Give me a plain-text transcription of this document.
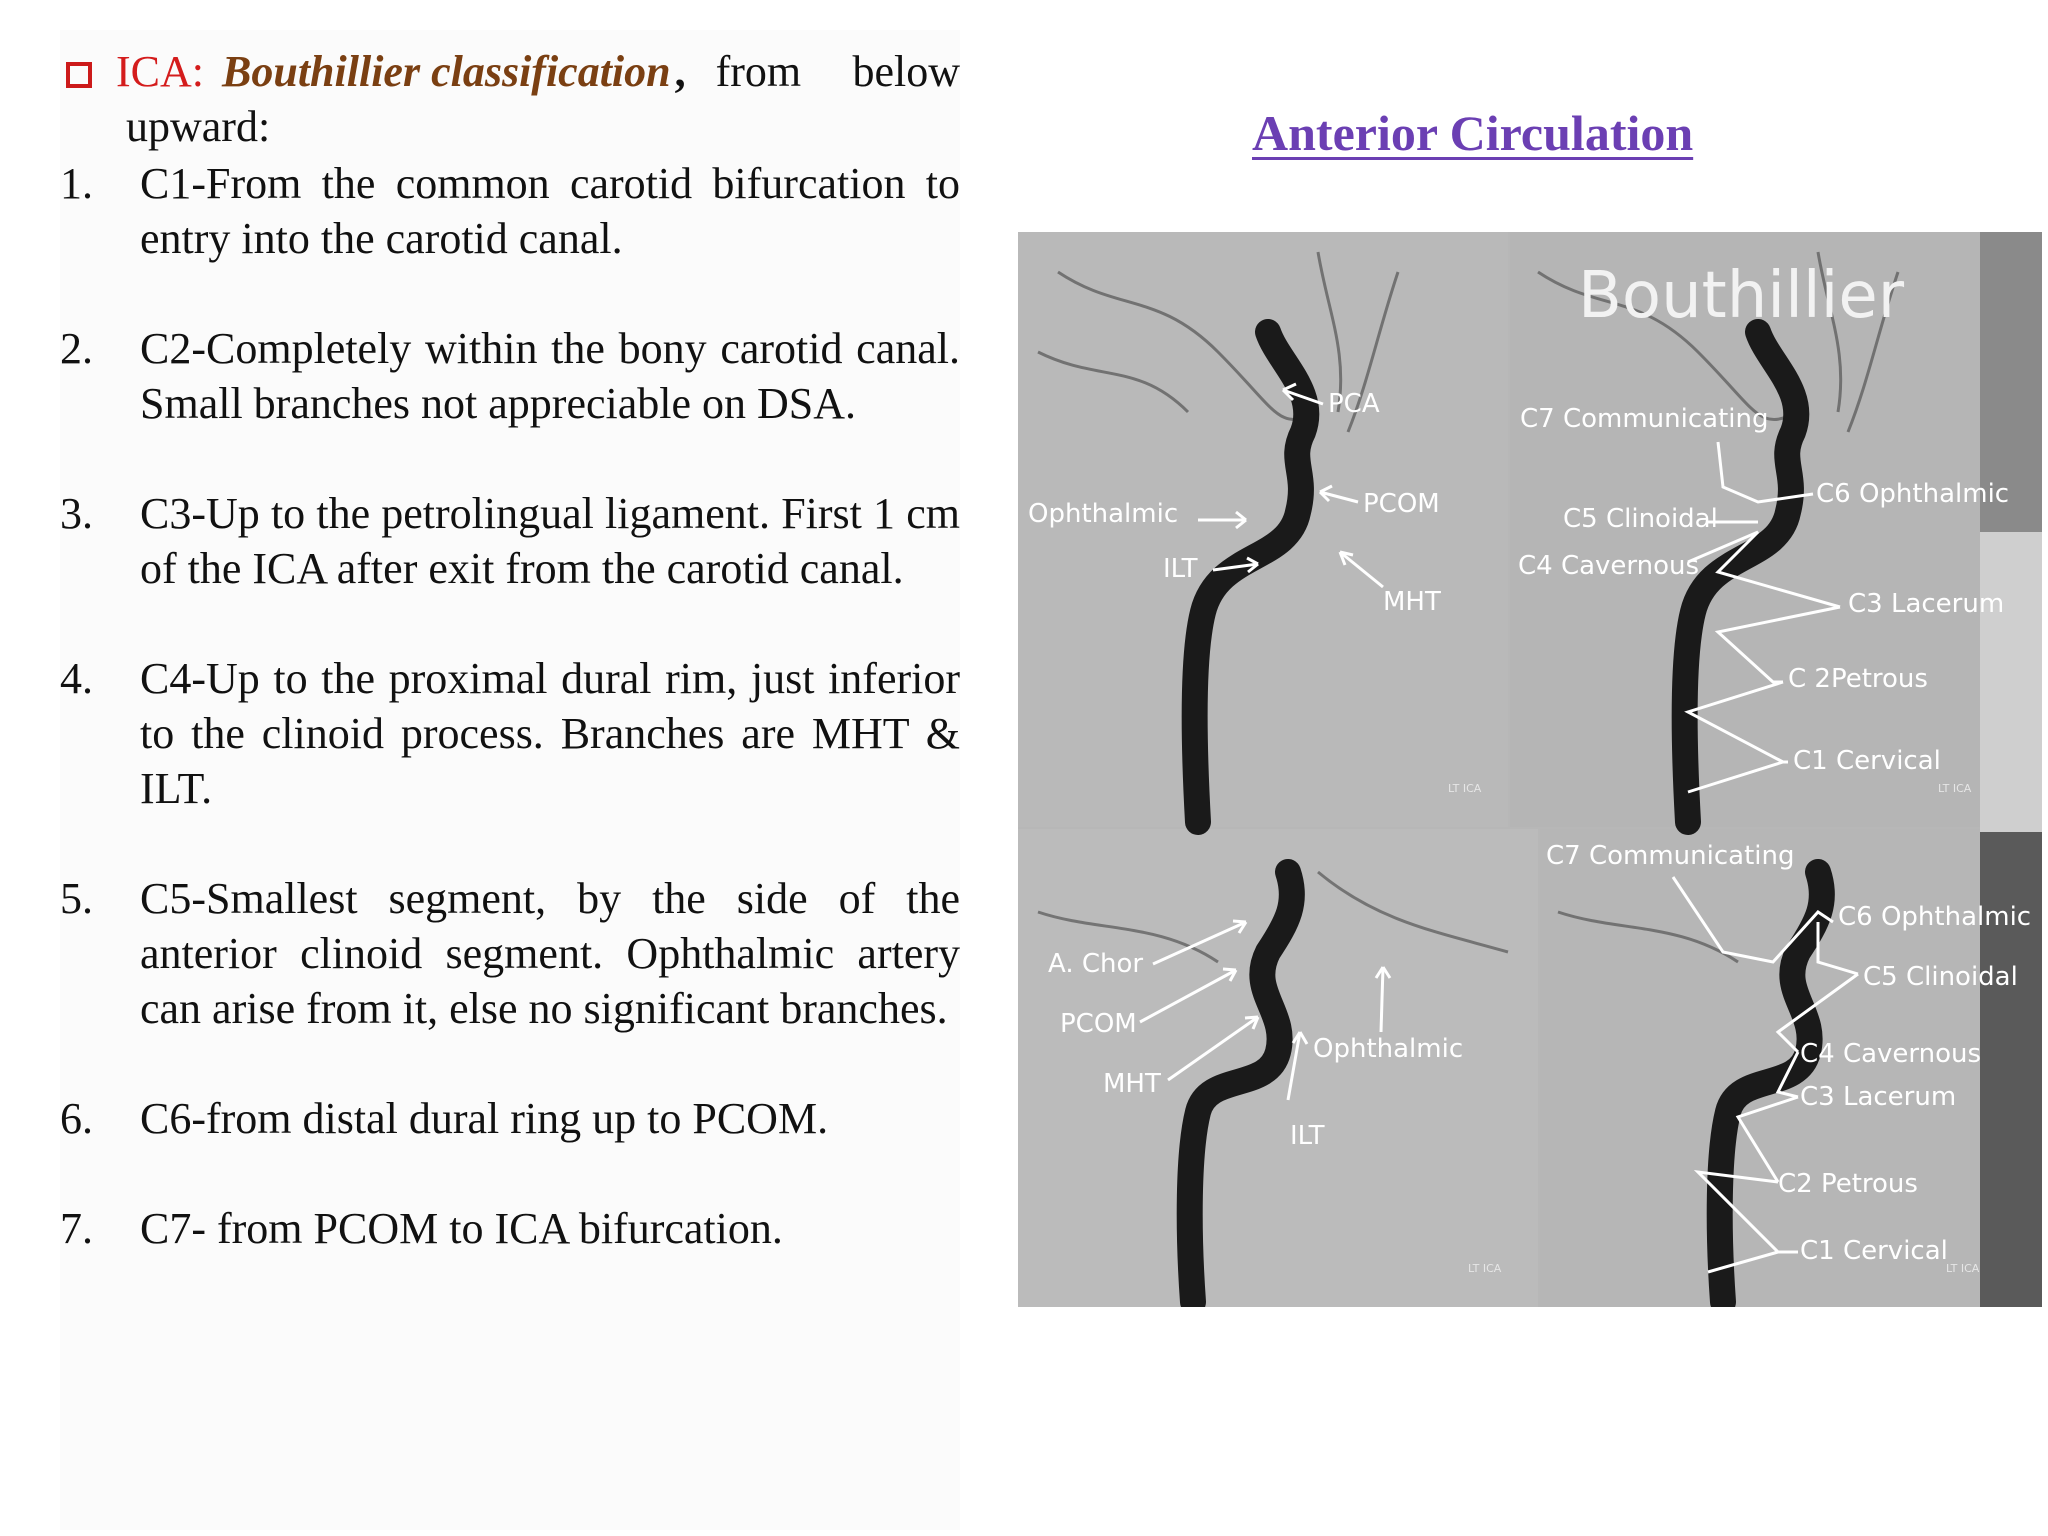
ICA: Bouthillier classification , from below
upward:
1. C1-From the common carotid bifurcation to entry into the carotid canal.
2. C2-Completely within the bony carotid canal. Small branches not appreciable on DSA.
3. C3-Up to the petrolingual ligament. First 1 cm of the ICA after exit from the carotid canal.
4. C4-Up to the proximal dural rim, just inferior to the clinoid process. Branches are MHT & ILT.
5. C5-Smallest segment, by the side of the anterior clinoid segment. Ophthalmic artery can arise from it, else no significant branches.
6. C6-from distal dural ring up to PCOM.
7. C7- from PCOM to ICA bifurcation.
Anterior Circulation
PCA
PCOM
Ophthalmic
ILT
MHT
Bouthillier
C7 Communicating
C6 Ophthalmic
C5 Clinoidal
C4 Cavernous
C3 Lacerum
C 2Petrous
C1 Cervical
A. Chor
PCOM
MHT
Ophthalmic
ILT
C7 Communicating
C6 Ophthalmic
C5 Clinoidal
C4 Cavernous
C3 Lacerum
C2 Petrous
C1 Cervical
LT ICA	LT ICA
LT ICA	LT ICA
